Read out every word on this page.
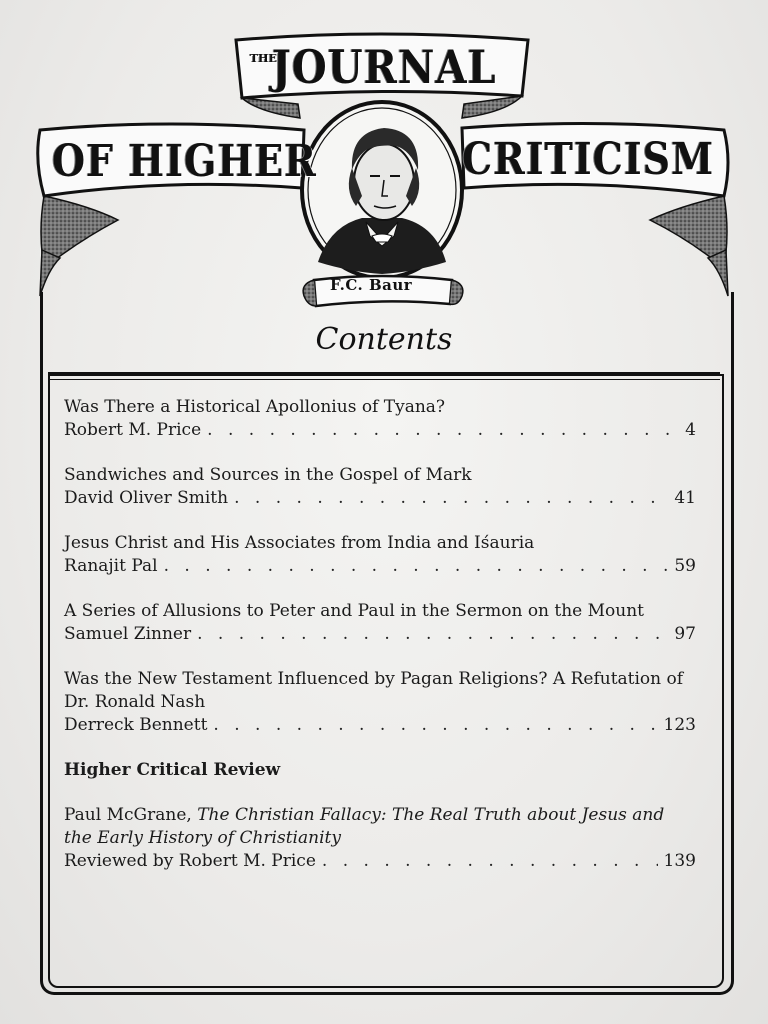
THE
JOURNAL
OF HIGHER	CRITICISM
F.C. Baur
Contents
Was There a Historical Apollonius of Tyana?
Robert M. Price . . .	4
Sandwiches and Sources in the Gospel of Mark
David Oliver Smith . . .	41
Jesus Christ and His Associates from India and Iśauria
Ranajit Pal . . .	59
A Series of Allusions to Peter and Paul in the Sermon on the Mount
Samuel Zinner . . .	97
Was the New Testament Influenced by Pagan Religions? A Refutation of Dr. Ronald Nash
Derreck Bennett . . .	123
Higher Critical Review
Paul McGrane, The Christian Fallacy: The Real Truth about Jesus and the Early History of Christianity
Reviewed by Robert M. Price . . .	139
